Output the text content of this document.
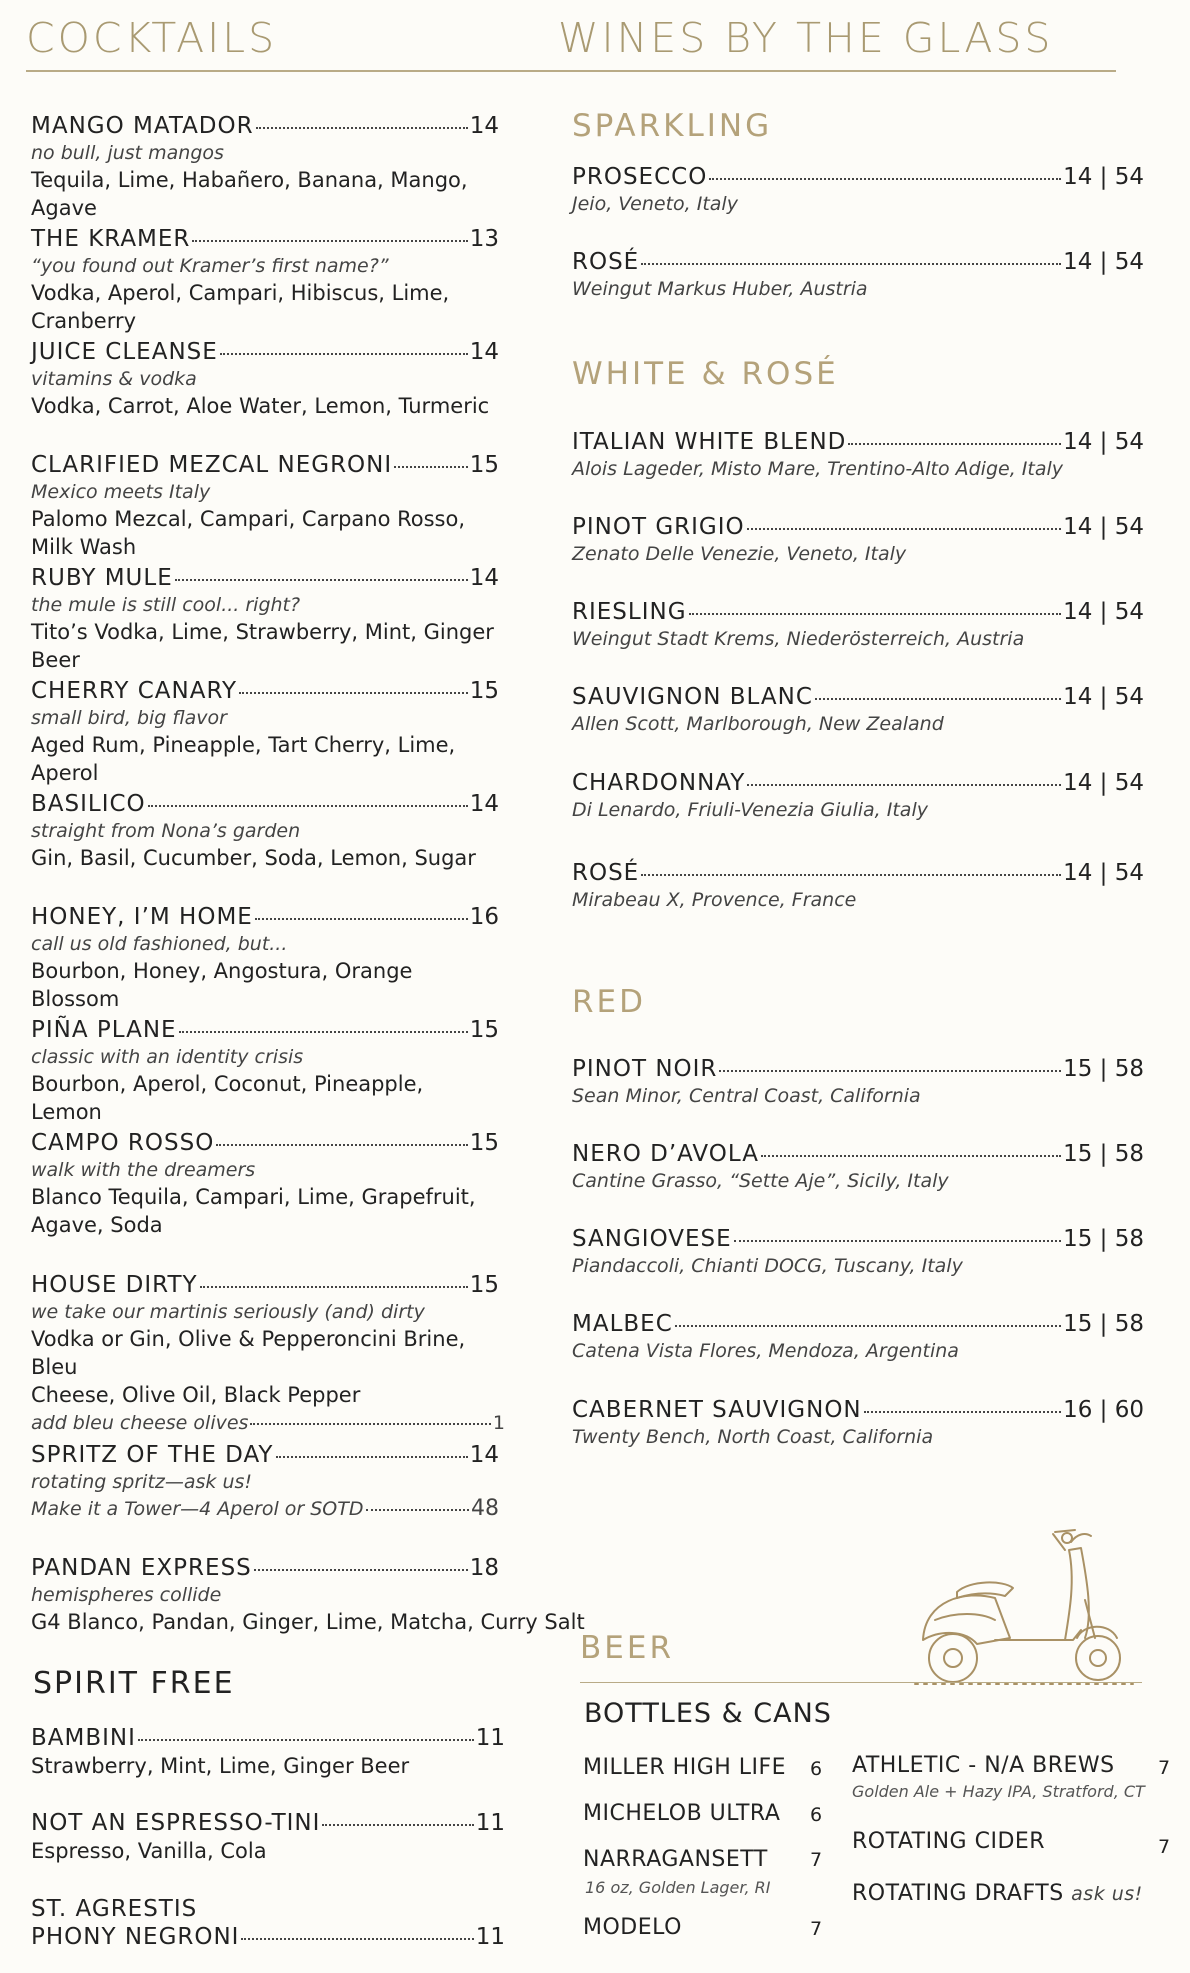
COCKTAILS	WINES BY THE GLASS
MANGO MATADOR	14
no bull, just mangos
Tequila, Lime, Habañero, Banana, Mango, Agave
THE KRAMER	13
“you found out Kramer’s first name?”
Vodka, Aperol, Campari, Hibiscus, Lime, Cranberry
JUICE CLEANSE	14
vitamins & vodka
Vodka, Carrot, Aloe Water, Lemon, Turmeric
CLARIFIED MEZCAL NEGRONI	15
Mexico meets Italy
Palomo Mezcal, Campari, Carpano Rosso, Milk Wash
RUBY MULE	14
the mule is still cool... right?
Tito’s Vodka, Lime, Strawberry, Mint, Ginger Beer
CHERRY CANARY	15
small bird, big flavor
Aged Rum, Pineapple, Tart Cherry, Lime, Aperol
BASILICO	14
straight from Nona’s garden
Gin, Basil, Cucumber, Soda, Lemon, Sugar
HONEY, I’M HOME	16
call us old fashioned, but...
Bourbon, Honey, Angostura, Orange Blossom
PIÑA PLANE	15
classic with an identity crisis
Bourbon, Aperol, Coconut, Pineapple, Lemon
CAMPO ROSSO	15
walk with the dreamers
Blanco Tequila, Campari, Lime, Grapefruit,
Agave, Soda
HOUSE DIRTY	15
we take our martinis seriously (and) dirty
Vodka or Gin, Olive & Pepperoncini Brine, Bleu
Cheese, Olive Oil, Black Pepper
add bleu cheese olives	1
SPRITZ OF THE DAY	14
rotating spritz—ask us!
Make it a Tower—4 Aperol or SOTD	48
PANDAN EXPRESS	18
hemispheres collide
G4 Blanco, Pandan, Ginger, Lime, Matcha, Curry Salt
SPIRIT FREE
BAMBINI	11
Strawberry, Mint, Lime, Ginger Beer
NOT AN ESPRESSO-TINI	11
Espresso, Vanilla, Cola
ST. AGRESTIS
PHONY NEGRONI	11
SPARKLING
PROSECCO	14 | 54
Jeio, Veneto, Italy
ROSÉ	14 | 54
Weingut Markus Huber, Austria
WHITE & ROSÉ
ITALIAN WHITE BLEND	14 | 54
Alois Lageder, Misto Mare, Trentino-Alto Adige, Italy
PINOT GRIGIO	14 | 54
Zenato Delle Venezie, Veneto, Italy
RIESLING	14 | 54
Weingut Stadt Krems, Niederösterreich, Austria
SAUVIGNON BLANC	14 | 54
Allen Scott, Marlborough, New Zealand
CHARDONNAY	14 | 54
Di Lenardo, Friuli-Venezia Giulia, Italy
ROSÉ	14 | 54
Mirabeau X, Provence, France
RED
PINOT NOIR	15 | 58
Sean Minor, Central Coast, California
NERO D’AVOLA	15 | 58
Cantine Grasso, “Sette Aje”, Sicily, Italy
SANGIOVESE	15 | 58
Piandaccoli, Chianti DOCG, Tuscany, Italy
MALBEC	15 | 58
Catena Vista Flores, Mendoza, Argentina
CABERNET SAUVIGNON	16 | 60
Twenty Bench, North Coast, California
BEER
BOTTLES & CANS
MILLER HIGH LIFE 6
MICHELOB ULTRA 6
NARRAGANSETT 7
16 oz, Golden Lager, RI
MODELO	7
ATHLETIC - N/A BREWS 7
Golden Ale + Hazy IPA, Stratford, CT
ROTATING CIDER	7
ROTATING DRAFTS ask us!
